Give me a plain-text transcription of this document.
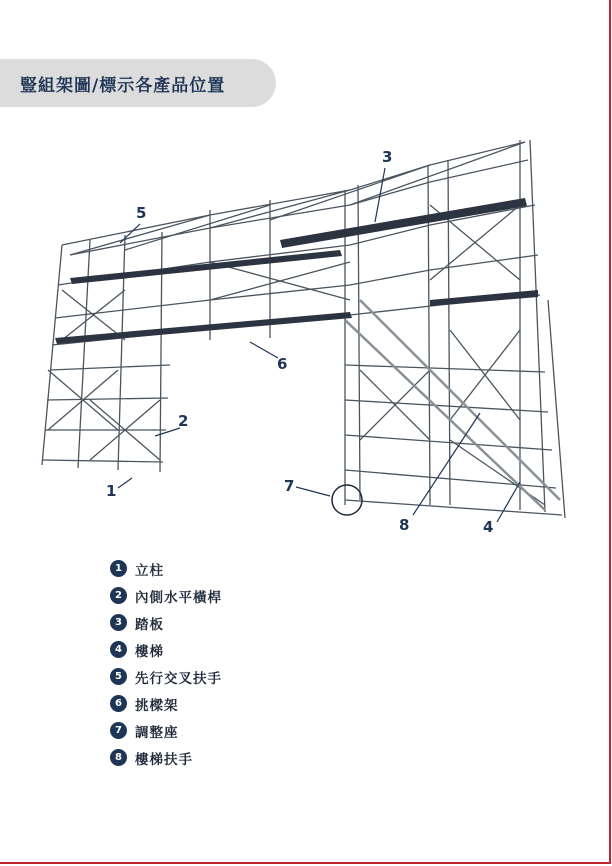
豎組架圖/標示各產品位置
1
2
3
4
5
6
7
8
1 立柱
2 內側水平橫桿
3 踏板
4 樓梯
5 先行交叉扶手
6 挑樑架
7 調整座
8 樓梯扶手
